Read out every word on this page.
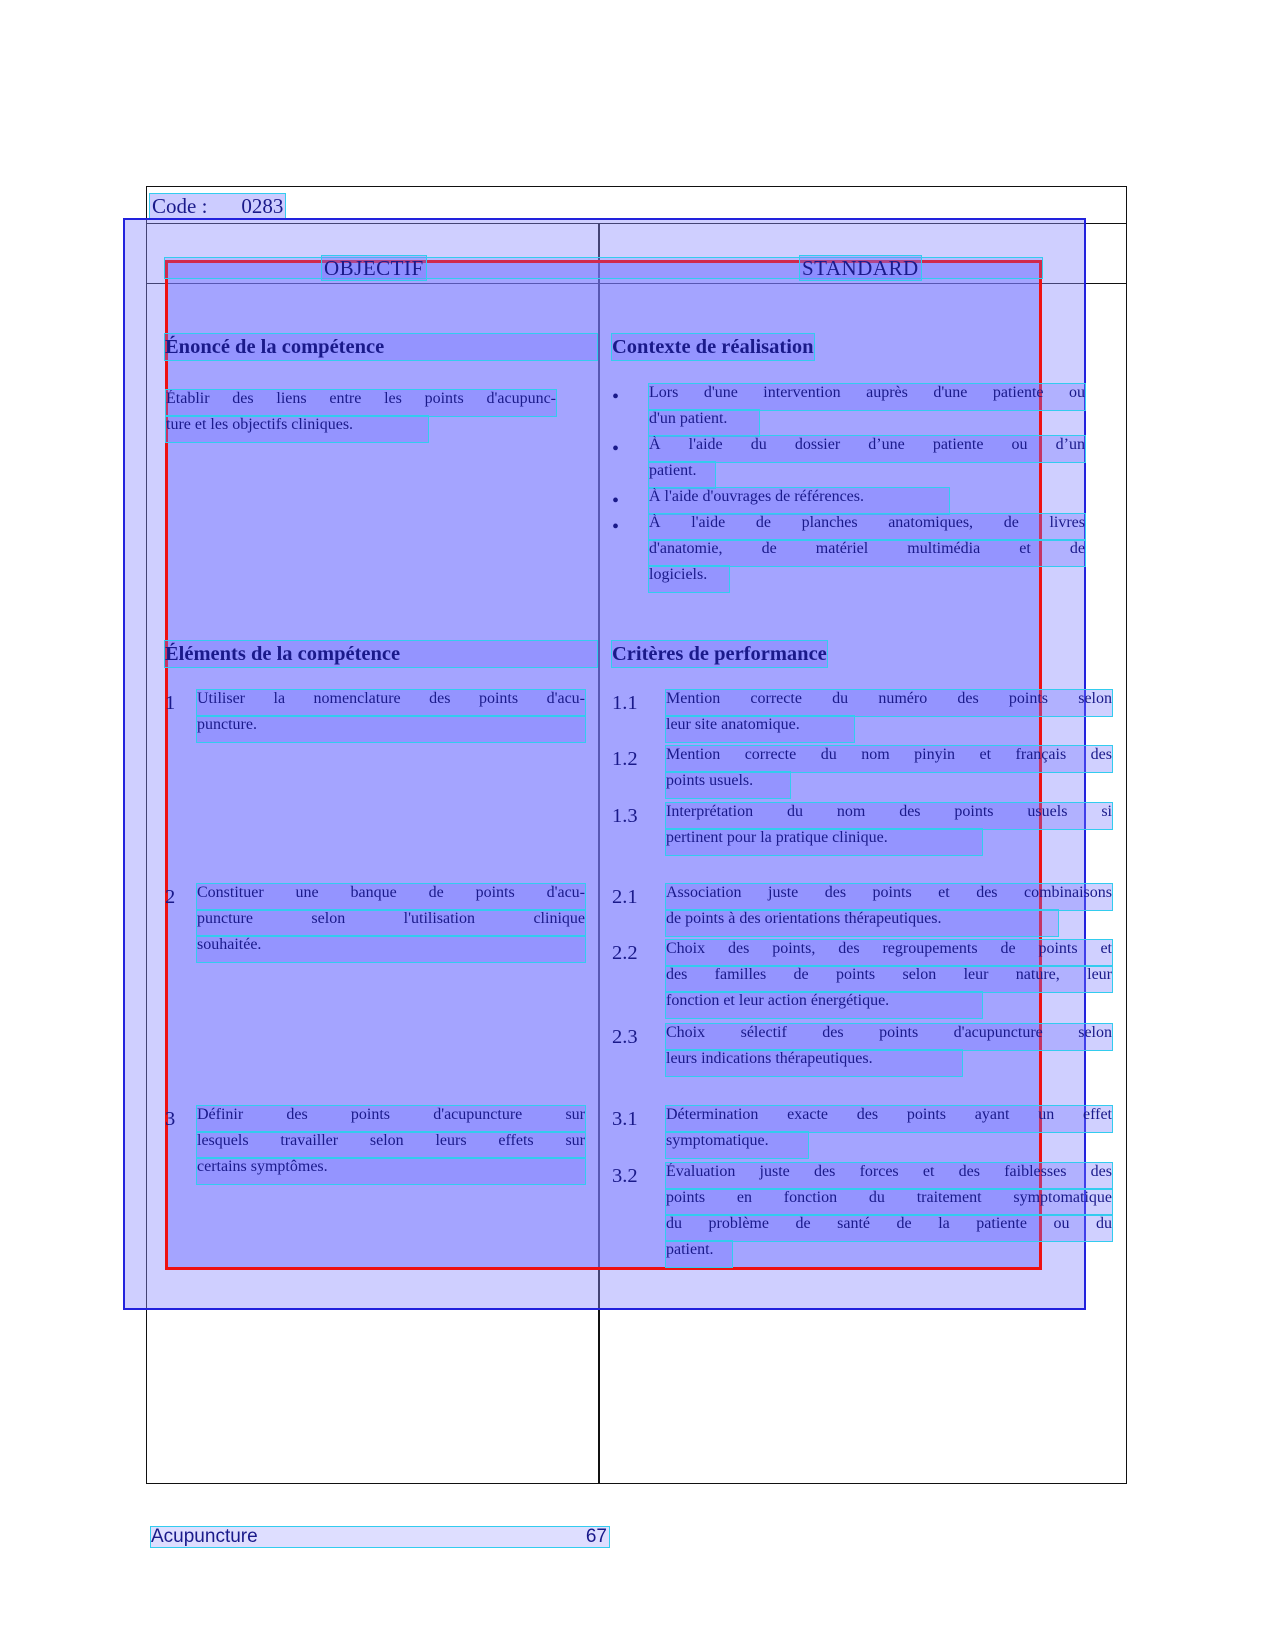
Code : 0283
OBJECTIF	STANDARD
Énoncé de la compétence
Établir des liens entre les points d'acupunc-
ture et les objectifs cliniques.
Éléments de la compétence
1 Utiliser la nomenclature des points d'acu-
puncture.
2 Constituer une banque de points d'acu-
puncture selon l'utilisation clinique
souhaitée.
3 Définir des points d'acupuncture sur
lesquels travailler selon leurs effets sur
certains symptômes.
Contexte de réalisation
• Lors d'une intervention auprès d'une patiente ou
d'un patient.
• À l'aide du dossier d’une patiente ou d’un
patient.
• À l'aide d'ouvrages de références.
• À l'aide de planches anatomiques, de livres
d'anatomie, de matériel multimédia et de
logiciels.
Critères de performance
1.1 Mention correcte du numéro des points selon
leur site anatomique.
1.2 Mention correcte du nom pinyin et français des
points usuels.
1.3 Interprétation du nom des points usuels si
pertinent pour la pratique clinique.
2.1 Association juste des points et des combinaisons
de points à des orientations thérapeutiques.
2.2 Choix des points, des regroupements de points et
des familles de points selon leur nature, leur
fonction et leur action énergétique.
2.3 Choix sélectif des points d'acupuncture selon
leurs indications thérapeutiques.
3.1 Détermination exacte des points ayant un effet
symptomatique.
3.2 Évaluation juste des forces et des faiblesses des
points en fonction du traitement symptomatique
du problème de santé de la patiente ou du
patient.
Acupuncture	67
